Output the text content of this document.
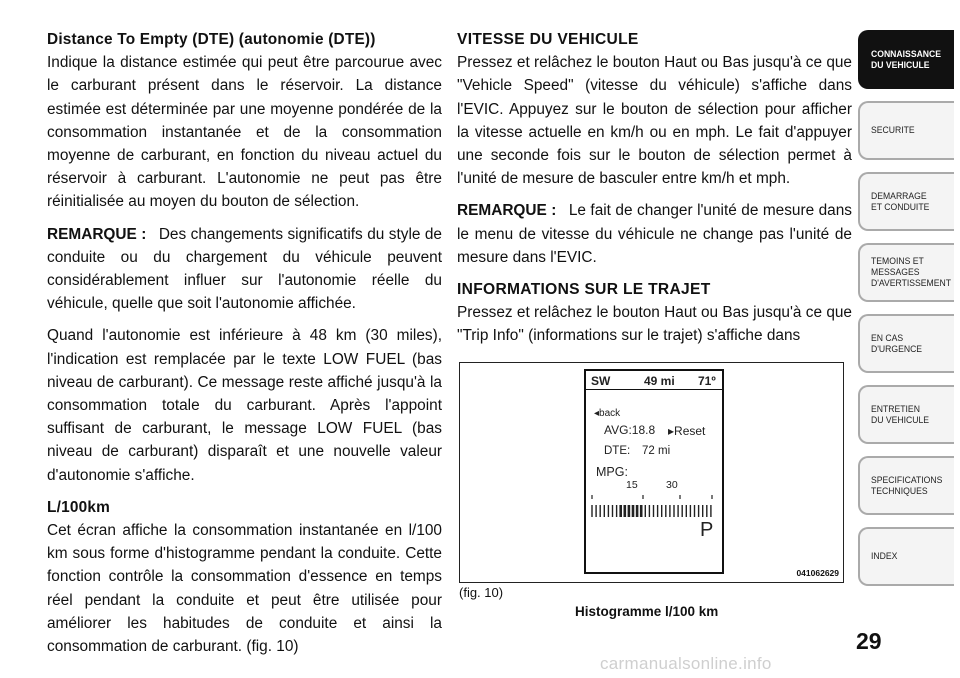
Distance To Empty (DTE) (autonomie (DTE))

Indique la distance estimée qui peut être parcourue avec le carburant présent dans le réservoir. La distance estimée est déterminée par une moyenne pondérée de la consommation instantanée et de la consommation moyenne de carburant, en fonction du niveau actuel du réservoir à carburant. L'autonomie ne peut pas être réinitialisée au moyen du bouton de sélection.

REMARQUE : Des changements significatifs du style de conduite ou du chargement du véhicule peuvent considérablement influer sur l'autonomie réelle du véhicule, quelle que soit l'autonomie affichée.

Quand l'autonomie est inférieure à 48 km (30 miles), l'indication est remplacée par le texte LOW FUEL (bas niveau de carburant). Ce message reste affiché jusqu'à la consommation totale du carburant. Après l'appoint suffisant de carburant, le message LOW FUEL (bas niveau de carburant) disparaît et une nouvelle valeur d'autonomie s'affiche.

L/100km

Cet écran affiche la consommation instantanée en l/100 km sous forme d'histogramme pendant la conduite. Cette fonction contrôle la consommation d'essence en temps réel pendant la conduite et peut être utilisée pour améliorer les habitudes de conduite et ainsi la consommation de carburant. (fig. 10)

VITESSE DU VEHICULE

Pressez et relâchez le bouton Haut ou Bas jusqu'à ce que "Vehicle Speed" (vitesse du véhicule) s'affiche dans l'EVIC. Appuyez sur le bouton de sélection pour afficher la vitesse actuelle en km/h ou en mph. Le fait d'appuyer une seconde fois sur le bouton de sélection permet à l'unité de mesure de basculer entre km/h et mph.

REMARQUE : Le fait de changer l'unité de mesure dans le menu de vitesse du véhicule ne change pas l'unité de mesure dans l'EVIC.

INFORMATIONS SUR LE TRAJET

Pressez et relâchez le bouton Haut ou Bas jusqu'à ce que "Trip Info" (informations sur le trajet) s'affiche dans

SW	49 mi 71º
◂back
AVG:18.8 ▸Reset
DTE: 72 mi
MPG:
15	30
P
041062629
(fig. 10)
Histogramme l/100 km
CONNAISSANCE
DU VEHICULE
SECURITE
DEMARRAGE
ET CONDUITE
TEMOINS ET
MESSAGES
D'AVERTISSEMENT
EN CAS
D'URGENCE
ENTRETIEN
DU VEHICULE
SPECIFICATIONS
TECHNIQUES
INDEX
29
carmanualsonline.info
